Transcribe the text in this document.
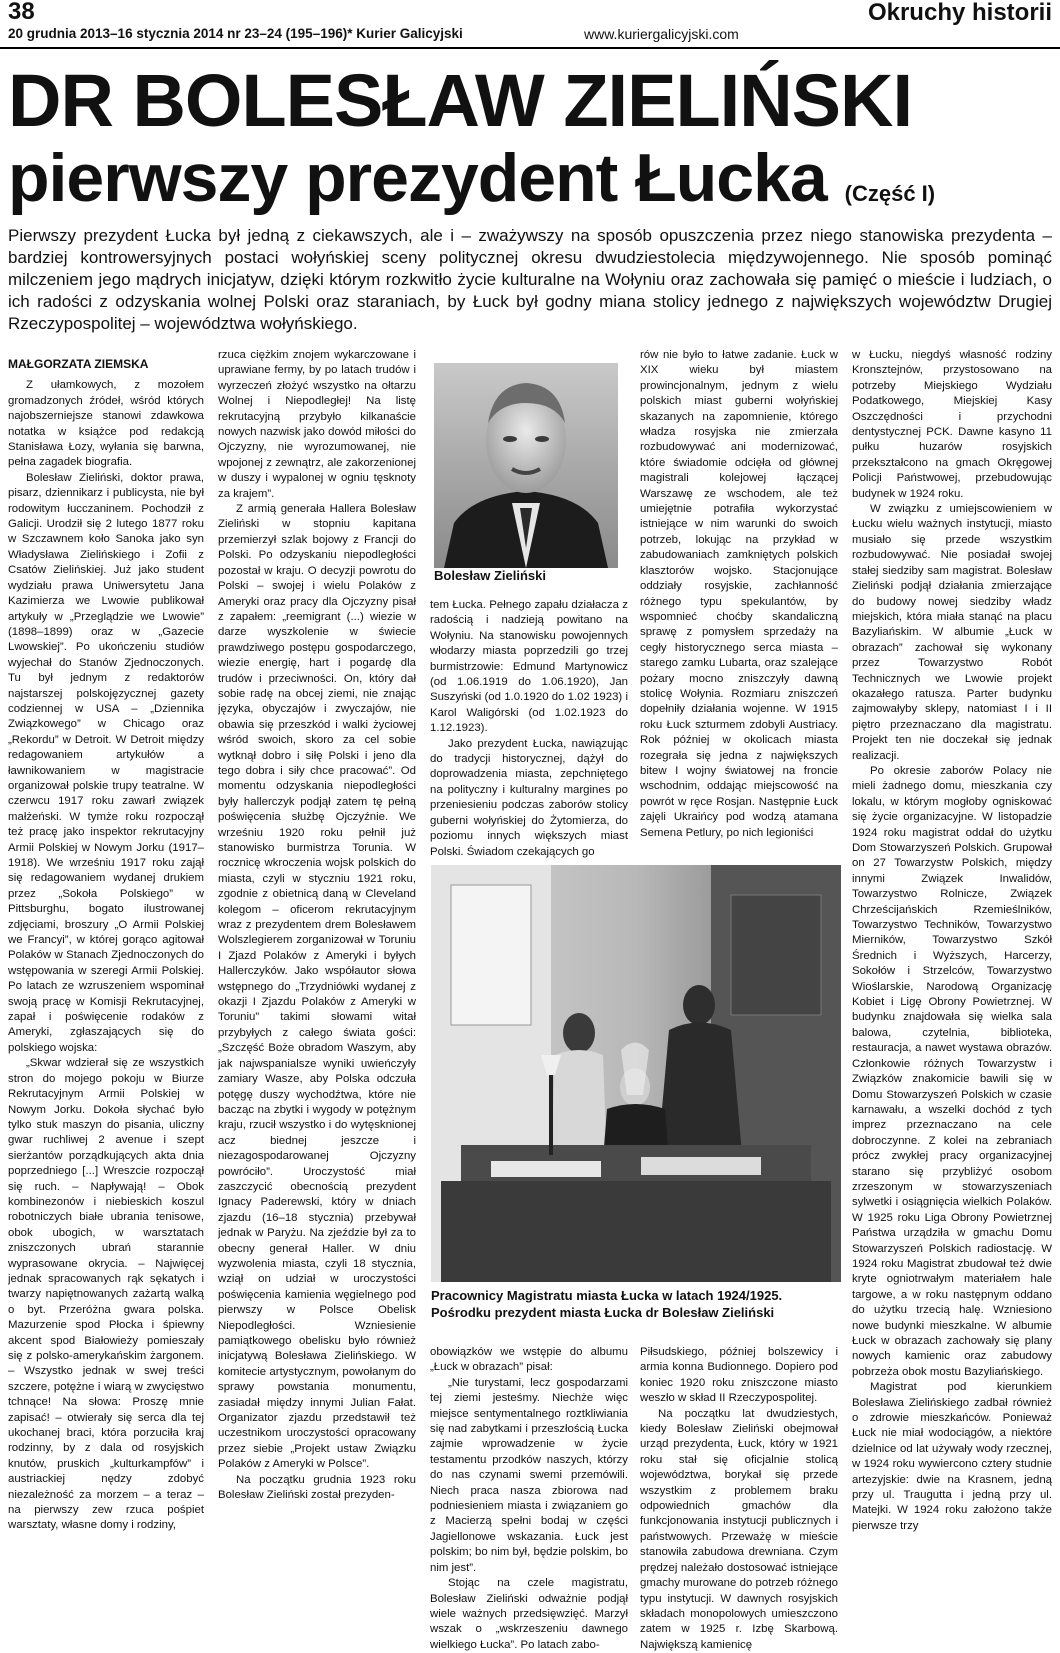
38
20 grudnia 2013–16 stycznia 2014 nr 23–24 (195–196)* Kurier Galicyjski	www.kuriergalicyjski.com
Okruchy historii
DR BOLESŁAW ZIELIŃSKI
pierwszy prezydent Łucka (Część I)
Pierwszy prezydent Łucka był jedną z ciekawszych, ale i – zważywszy na sposób opuszczenia przez niego stanowiska prezydenta – bardziej kontrowersyjnych postaci wołyńskiej sceny politycznej okresu dwudziestolecia międzywojennego. Nie sposób pominąć milczeniem jego mądrych inicjatyw, dzięki którym rozkwitło życie kulturalne na Wołyniu oraz zachowała się pamięć o mieście i ludziach, o ich radości z odzyskania wolnej Polski oraz staraniach, by Łuck był godny miana stolicy jednego z największych województw Drugiej Rzeczypospolitej – województwa wołyńskiego.

MAŁGORZATA ZIEMSKA

Z ułamkowych, z mozołem gromadzonych źródeł, wśród których najobszerniejsze stanowi zdawkowa notatka w książce pod redakcją Stanisława Łozy, wyłania się barwna, pełna zagadek biografia.

Bolesław Zieliński, doktor prawa, pisarz, dziennikarz i publicysta, nie był rodowitym łucczaninem. Pochodził z Galicji. Urodził się 2 lutego 1877 roku w Szczawnem koło Sanoka jako syn Władysława Zielińskiego i Zofii z Csatów Zielińskiej. Już jako student wydziału prawa Uniwersytetu Jana Kazimierza we Lwowie publikował artykuły w „Przeglądzie we Lwowie” (1898–1899) oraz w „Gazecie Lwowskiej”. Po ukończeniu studiów wyjechał do Stanów Zjednoczonych. Tu był jednym z redaktorów najstarszej polskojęzycznej gazety codziennej w USA – „Dziennika Związkowego” w Chicago oraz „Rekordu” w Detroit. W Detroit między redagowaniem artykułów a ławnikowaniem w magistracie organizował polskie trupy teatralne. W czerwcu 1917 roku zawarł związek małżeński. W tymże roku rozpoczął też pracę jako inspektor rekrutacyjny Armii Polskiej w Nowym Jorku (1917–1918). We wrześniu 1917 roku zajął się redagowaniem wydanej drukiem przez „Sokoła Polskiego” w Pittsburghu, bogato ilustrowanej zdjęciami, broszury „O Armii Polskiej we Francyi”, w której gorąco agitował Polaków w Stanach Zjednoczonych do wstępowania w szeregi Armii Polskiej. Po latach ze wzruszeniem wspominał swoją pracę w Komisji Rekrutacyjnej, zapał i poświęcenie rodaków z Ameryki, zgłaszających się do polskiego wojska:

„Skwar wdzierał się ze wszystkich stron do mojego pokoju w Biurze Rekrutacyjnym Armii Polskiej w Nowym Jorku. Dokoła słychać było tylko stuk maszyn do pisania, uliczny gwar ruchliwej 2 avenue i szept sierżantów porządkujących akta dnia poprzedniego [...] Wreszcie rozpoczął się ruch. – Napływają! – Obok kombinezonów i niebieskich koszul robotniczych białe ubrania tenisowe, obok ubogich, w warsztatach zniszczonych ubrań starannie wyprasowane okrycia. – Najwięcej jednak spracowanych rąk sękatych i twarzy napiętnowanych zażartą walką o byt. Przeróżna gwara polska. Mazurzenie spod Płocka i śpiewny akcent spod Białowieży pomieszały się z polsko-amerykańskim żargonem. – Wszystko jednak w swej treści szczere, potężne i wiarą w zwycięstwo tchnące! Na słowa: Proszę mnie zapisać! – otwierały się serca dla tej ukochanej braci, która porzuciła kraj rodzinny, by z dala od rosyjskich knutów, pruskich „kulturkampfów” i austriackiej nędzy zdobyć niezależność za morzem – a teraz – na pierwszy zew rzuca pośpiet warsztaty, własne domy i rodziny,

rzuca ciężkim znojem wykarczowane i uprawiane fermy, by po latach trudów i wyrzeczeń złożyć wszystko na ołtarzu Wolnej i Niepodległej! Na listę rekrutacyjną przybyło kilkanaście nowych nazwisk jako dowód miłości do Ojczyzny, nie wyrozumowanej, nie wpojonej z zewnątrz, ale zakorzenionej w duszy i wypalonej w ogniu tęsknoty za krajem”.

Z armią generała Hallera Bolesław Zieliński w stopniu kapitana przemierzył szlak bojowy z Francji do Polski. Po odzyskaniu niepodległości pozostał w kraju. O decyzji powrotu do Polski – swojej i wielu Polaków z Ameryki oraz pracy dla Ojczyzny pisał z zapałem: „reemigrant (...) wiezie w darze wyszkolenie w świecie prawdziwego postępu gospodarczego, wiezie energię, hart i pogardę dla trudów i przeciwności. On, który dał sobie radę na obcej ziemi, nie znając języka, obyczajów i zwyczajów, nie obawia się przeszkód i walki życiowej wśród swoich, skoro za cel sobie wytknął dobro i siłę Polski i jeno dla tego dobra i siły chce pracować”. Od momentu odzyskania niepodległości były hallerczyk podjął zatem tę pełną poświęcenia służbę Ojczyźnie. We wrześniu 1920 roku pełnił już stanowisko burmistrza Torunia. W rocznicę wkroczenia wojsk polskich do miasta, czyli w styczniu 1921 roku, zgodnie z obietnicą daną w Cleveland kolegom – oficerom rekrutacyjnym wraz z prezydentem drem Bolesławem Wolszlegierem zorganizował w Toruniu I Zjazd Polaków z Ameryki i byłych Hallerczyków. Jako współautor słowa wstępnego do „Trzydniówki wydanej z okazji I Zjazdu Polaków z Ameryki w Toruniu” takimi słowami witał przybyłych z całego świata gości: „Szczęść Boże obradom Waszym, aby jak najwspanialsze wyniki uwieńczyły zamiary Wasze, aby Polska odczuła potęgę duszy wychodźtwa, które nie bacząc na zbytki i wygody w potężnym kraju, rzucił wszystko i do wytęsknionej acz biednej jeszcze i niezagospodarowanej Ojczyzny powróciło”. Uroczystość miał zaszczycić obecnością prezydent Ignacy Paderewski, który w dniach zjazdu (16–18 stycznia) przebywał jednak w Paryżu. Na zjeździe był za to obecny generał Haller. W dniu wyzwolenia miasta, czyli 18 stycznia, wziął on udział w uroczystości poświęcenia kamienia węgielnego pod pierwszy w Polsce Obelisk Niepodległości. Wzniesienie pamiątkowego obelisku było również inicjatywą Bolesława Zielińskiego. W komitecie artystycznym, powołanym do sprawy powstania monumentu, zasiadał między innymi Julian Fałat. Organizator zjazdu przedstawił też uczestnikom uroczystości opracowany przez siebie „Projekt ustaw Związku Polaków z Ameryki w Polsce”.

Na początku grudnia 1923 roku Bolesław Zieliński został prezyden-

Bolesław Zieliński

tem Łucka. Pełnego zapału działacza z radością i nadzieją powitano na Wołyniu. Na stanowisku powojennych włodarzy miasta poprzedzili go trzej burmistrzowie: Edmund Martynowicz (od 1.06.1919 do 1.06.1920), Jan Suszyński (od 1.0.1920 do 1.02 1923) i Karol Waligórski (od 1.02.1923 do 1.12.1923).

Jako prezydent Łucka, nawiązując do tradycji historycznej, dążył do doprowadzenia miasta, zepchniętego na polityczny i kulturalny margines po przeniesieniu podczas zaborów stolicy guberni wołyńskiej do Żytomierza, do poziomu innych większych miast Polski. Świadom czekających go

rów nie było to łatwe zadanie. Łuck w XIX wieku był miastem prowincjonalnym, jednym z wielu polskich miast guberni wołyńskiej skazanych na zapomnienie, którego władza rosyjska nie zmierzała rozbudowywać ani modernizować, które świadomie odcięła od głównej magistrali kolejowej łączącej Warszawę ze wschodem, ale też umiejętnie potrafiła wykorzystać istniejące w nim warunki do swoich potrzeb, lokując na przykład w zabudowaniach zamkniętych polskich klasztorów wojsko. Stacjonujące oddziały rosyjskie, zachłanność różnego typu spekulantów, by wspomnieć choćby skandaliczną sprawę z pomysłem sprzedaży na cegły historycznego serca miasta – starego zamku Lubarta, oraz szalejące pożary mocno zniszczyły dawną stolicę Wołynia. Rozmiaru zniszczeń dopełniły działania wojenne. W 1915 roku Łuck szturmem zdobyli Austriacy. Rok później w okolicach miasta rozegrała się jedna z największych bitew I wojny światowej na froncie wschodnim, oddając miejscowość na powrót w ręce Rosjan. Następnie Łuck zajęli Ukraińcy pod wodzą atamana Semena Petlury, po nich legioniści

Pracownicy Magistratu miasta Łucka w latach 1924/1925.
Pośrodku prezydent miasta Łucka dr Bolesław Zieliński

obowiązków we wstępie do albumu „Łuck w obrazach” pisał:

„Nie turystami, lecz gospodarzami tej ziemi jesteśmy. Niechże więc miejsce sentymentalnego roztkliwiania się nad zabytkami i przeszłością Łucka zajmie wprowadzenie w życie testamentu przodków naszych, którzy do nas czynami swemi przemówili. Niech praca nasza zbiorowa nad podniesieniem miasta i związaniem go z Macierzą spełni bodaj w części Jagiellonowe wskazania. Łuck jest polskim; bo nim był, będzie polskim, bo nim jest”.

Stojąc na czele magistratu, Bolesław Zieliński odważnie podjął wiele ważnych przedsięwzięć. Marzył wszak o „wskrzeszeniu dawnego wielkiego Łucka”. Po latach zabo-

Piłsudskiego, później bolszewicy i armia konna Budionnego. Dopiero pod koniec 1920 roku zniszczone miasto weszło w skład II Rzeczypospolitej.

Na początku lat dwudziestych, kiedy Bolesław Zieliński obejmował urząd prezydenta, Łuck, który w 1921 roku stał się oficjalnie stolicą województwa, borykał się przede wszystkim z problemem braku odpowiednich gmachów dla funkcjonowania instytucji publicznych i państwowych. Przeważę w mieście stanowiła zabudowa drewniana. Czym prędzej należało dostosować istniejące gmachy murowane do potrzeb różnego typu instytucji. W dawnych rosyjskich składach monopolowych umieszczono zatem w 1925 r. Izbę Skarbową. Największą kamienicę

w Łucku, niegdyś własność rodziny Kronsztejnów, przystosowano na potrzeby Miejskiego Wydziału Podatkowego, Miejskiej Kasy Oszczędności i przychodni dentystycznej PCK. Dawne kasyno 11 pułku huzarów rosyjskich przekształcono na gmach Okręgowej Policji Państwowej, przebudowując budynek w 1924 roku.

W związku z umiejscowieniem w Łucku wielu ważnych instytucji, miasto musiało się przede wszystkim rozbudowywać. Nie posiadał swojej stałej siedziby sam magistrat. Bolesław Zieliński podjął działania zmierzające do budowy nowej siedziby władz miejskich, która miała stanąć na placu Bazyliańskim. W albumie „Łuck w obrazach” zachował się wykonany przez Towarzystwo Robót Technicznych we Lwowie projekt okazałego ratusza. Parter budynku zajmowałyby sklepy, natomiast I i II piętro przeznaczano dla magistratu. Projekt ten nie doczekał się jednak realizacji.

Po okresie zaborów Polacy nie mieli żadnego domu, mieszkania czy lokalu, w którym mogłoby ogniskować się życie organizacyjne. W listopadzie 1924 roku magistrat oddał do użytku Dom Stowarzyszeń Polskich. Grupował on 27 Towarzystw Polskich, między innymi Związek Inwalidów, Towarzystwo Rolnicze, Związek Chrześcijańskich Rzemieślników, Towarzystwo Techników, Towarzystwo Mierników, Towarzystwo Szkół Średnich i Wyższych, Harcerzy, Sokołów i Strzelców, Towarzystwo Wioślarskie, Narodową Organizację Kobiet i Ligę Obrony Powietrznej. W budynku znajdowała się wielka sala balowa, czytelnia, biblioteka, restauracja, a nawet wystawa obrazów. Członkowie różnych Towarzystw i Związków znakomicie bawili się w Domu Stowarzyszeń Polskich w czasie karnawału, a wszelki dochód z tych imprez przeznaczano na cele dobroczynne. Z kolei na zebraniach prócz zwykłej pracy organizacyjnej starano się przybliżyć osobom zrzeszonym w stowarzyszeniach sylwetki i osiągnięcia wielkich Polaków. W 1925 roku Liga Obrony Powietrznej Państwa urządziła w gmachu Domu Stowarzyszeń Polskich radiostację. W 1924 roku Magistrat zbudował też dwie kryte ogniotrwałym materiałem hale targowe, a w roku następnym oddano do użytku trzecią halę. Wzniesiono nowe budynki mieszkalne. W albumie Łuck w obrazach zachowały się plany nowych kamienic oraz zabudowy pobrzeża obok mostu Bazyliańskiego.

Magistrat pod kierunkiem Bolesława Zielińskiego zadbał również o zdrowie mieszkańców. Ponieważ Łuck nie miał wodociągów, a niektóre dzielnice od lat używały wody rzecznej, w 1924 roku wywiercono cztery studnie artezyjskie: dwie na Krasnem, jedną przy ul. Traugutta i jedną przy ul. Matejki. W 1924 roku założono także pierwsze trzy
